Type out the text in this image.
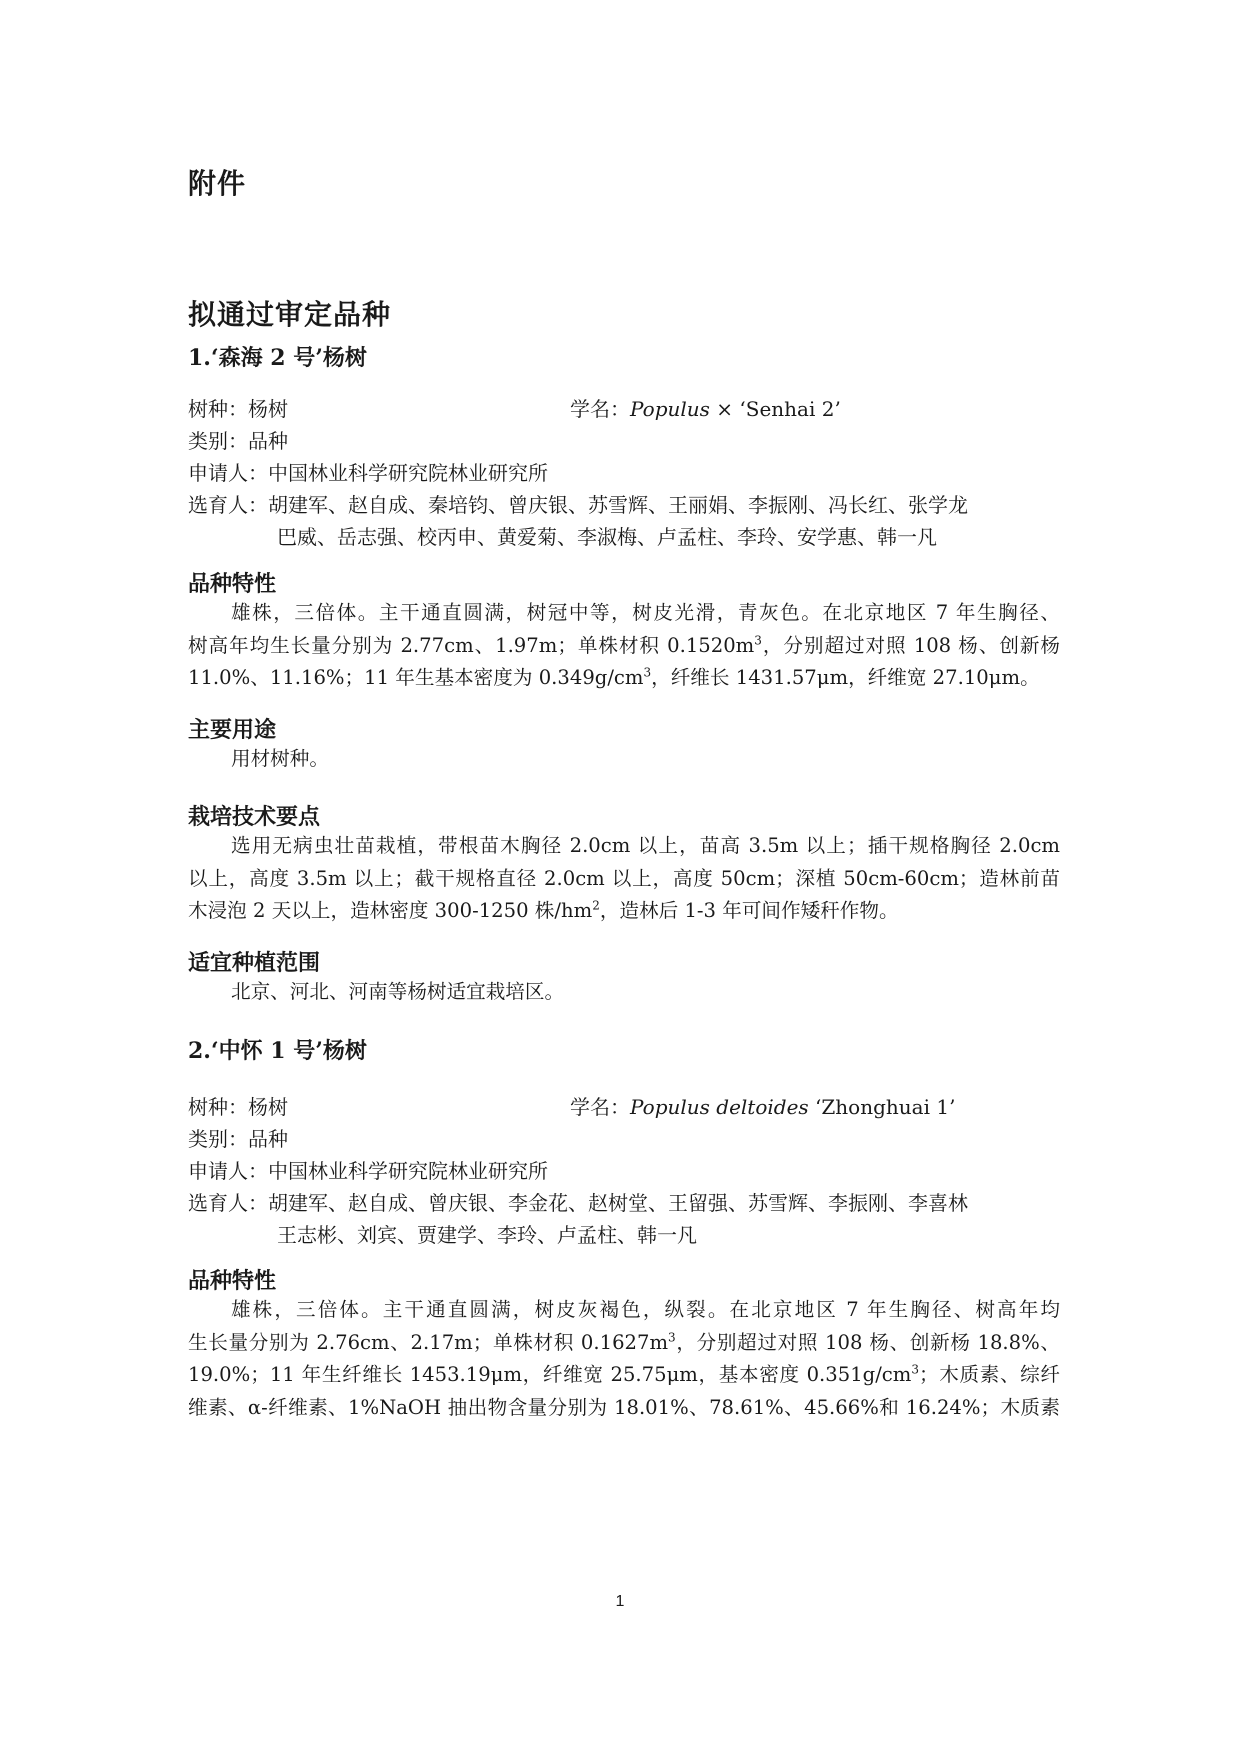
附件
拟通过审定品种
1.‘森海 2 号’杨树
树种：杨树	学名：Populus × ‘Senhai 2’
类别：品种
申请人：中国林业科学研究院林业研究所
选育人：胡建军、赵自成、秦培钧、曾庆银、苏雪辉、王丽娟、李振刚、冯长红、张学龙
巴威、岳志强、校丙申、黄爱菊、李淑梅、卢孟柱、李玲、安学惠、韩一凡
品种特性
雄株，三倍体。主干通直圆满，树冠中等，树皮光滑，青灰色。在北京地区 7 年生胸径、
树高年均生长量分别为 2.77cm、1.97m；单株材积 $0.1520m^3$，分别超过对照 108 杨、创新杨
11.0%、11.16%；11 年生基本密度为 $0.349g/cm^3$，纤维长 1431.57μm，纤维宽 27.10μm。
主要用途
用材树种。
栽培技术要点
选用无病虫壮苗栽植，带根苗木胸径 2.0cm 以上，苗高 3.5m 以上；插干规格胸径 2.0cm
以上，高度 3.5m 以上；截干规格直径 2.0cm 以上，高度 50cm；深植 50cm-60cm；造林前苗
木浸泡 2 天以上，造林密度 300-1250 株$/hm^2$，造林后 1-3 年可间作矮秆作物。
适宜种植范围
北京、河北、河南等杨树适宜栽培区。
2.‘中怀 1 号’杨树
树种：杨树	学名：Populus deltoides ‘Zhonghuai 1’
类别：品种
申请人：中国林业科学研究院林业研究所
选育人：胡建军、赵自成、曾庆银、李金花、赵树堂、王留强、苏雪辉、李振刚、李喜林
王志彬、刘宾、贾建学、李玲、卢孟柱、韩一凡
品种特性
雄株，三倍体。主干通直圆满，树皮灰褐色，纵裂。在北京地区 7 年生胸径、树高年均
生长量分别为 2.76cm、2.17m；单株材积 $0.1627m^3$，分别超过对照 108 杨、创新杨 18.8%、
19.0%；11 年生纤维长 1453.19μm，纤维宽 25.75μm，基本密度 $0.351g/cm^3$；木质素、综纤
维素、α-纤维素、1%NaOH 抽出物含量分别为 18.01%、78.61%、45.66%和 16.24%；木质素
1
